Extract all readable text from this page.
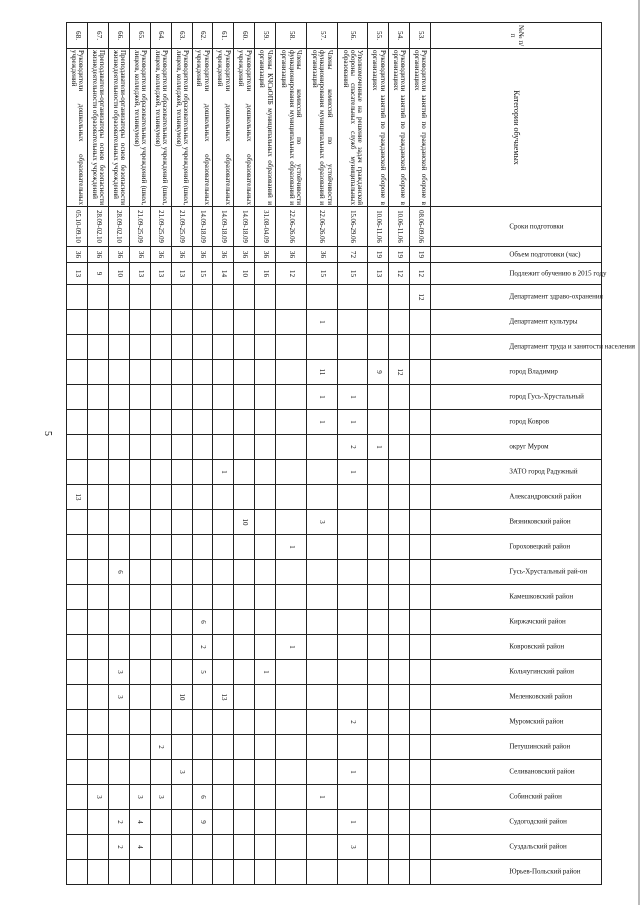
5
№№ п/п	Категории обучаемых	Сроки подготовки	Объем подготовки (час)	Подлежит обучению в 2015 году	Департамент здраво-охранения	Департамент культуры	Департамент труда и занятости населения	город Владимир	город Гусь-Хрустальный	город Ковров	округ Муром	ЗАТО город Радужный	Александровский район	Вязниковский район	Гороховецкий район	Гусь-Хрустальный рай-он	Камешковский район	Киржачский район	Ковровский район	Кольчугинский район	Меленковский район	Муромский район	Петушинский район	Селивановский район	Собинский район	Судогодский район	Суздальский район	Юрьев-Польский район

53.	Руководители занятий по гражданской обороне в организациях	08.06-09.06	19	12	12																							
54.	Руководители занятий по гражданской обороне в организациях	10.06-11.06	19	12				12																				
55.	Руководители занятий по гражданской обороне в организациях	10.06-11.06	19	13				9			1																	
56.	Уполномоченные на решение задач гражданской обороны спасательных служб муниципальных образований	15.06-29.06	72	15					1	1	2	1										2		1		1	3	
57.	Члены комиссий по устойчивости функционирования муниципальных образований и организаций	22.06-26.06	36	15		1		11	1	1				3											1			
58.	Члены комиссий по устойчивости функционирования муниципальных образований и организаций	22.06-26.06	36	12											1				1									
59.	Члены КЧСиОПБ муниципальных образований и организаций	31.08-04.09	36	16																1								
60.	Руководители дошкольных образовательных учреждений	14.09-18.09	36	10										10														
61.	Руководители дошкольных образовательных учреждений	14.09-18.09	36	14								1									13							
62.	Руководители дошкольных образовательных учреждений	14.09-18.09	36	15														6	2	5					6	9		
63.	Руководители образовательных учреждений (школ, лицеев, колледжей, техникумов)	21.09-25.09	36	13																	10			3				
64.	Руководители образовательных учреждений (школ, лицеев, колледжей, техникумов)	21.09-25.09	36	13																			2		3			
65.	Руководители образовательных учреждений (школ, лицеев, колледжей, техникумов)	21.09-25.09	36	13																					3	4	4	
66.	Преподаватели-организаторы основ безопасности жизнедеятельности образовательных учреждений	28.09-02.10	36	10												6				3	3					2	2	
67.	Преподаватели-организаторы основ безопасности жизнедеятельности образовательных учреждений	28.09-02.10	36	9																					3			
68.	Руководители дошкольных образовательных учреждений	05.10-09.10	36	13									13															
